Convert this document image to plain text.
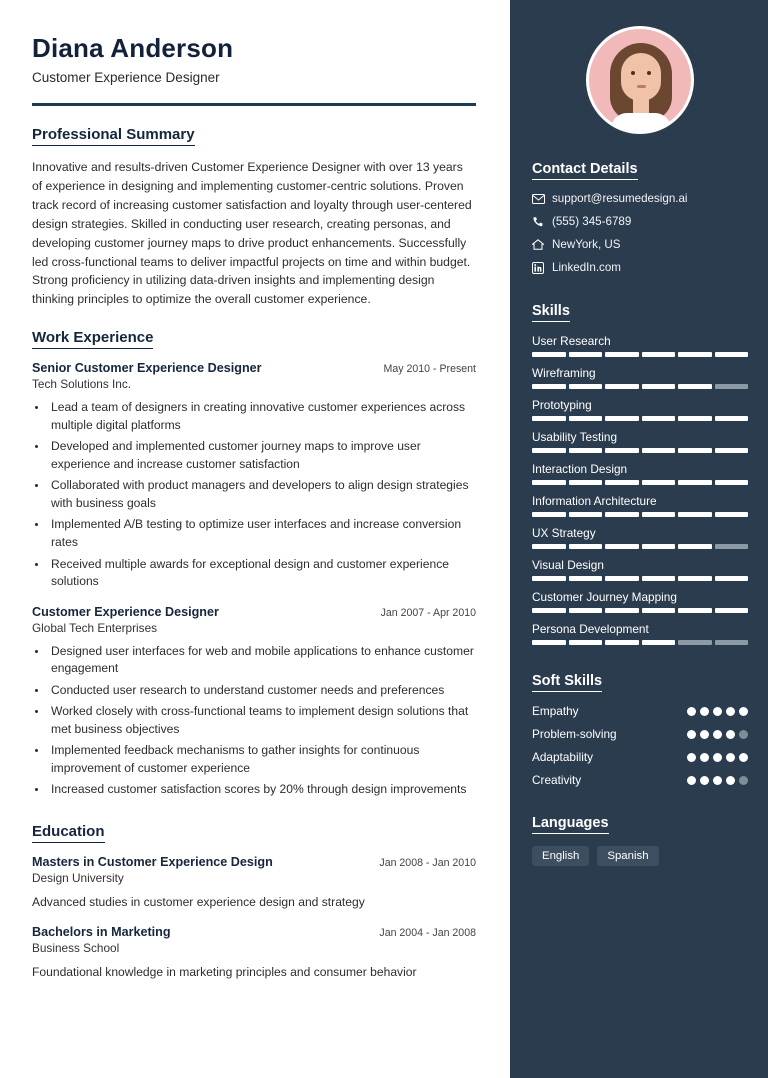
Diana Anderson
Customer Experience Designer
Professional Summary

Innovative and results-driven Customer Experience Designer with over 13 years of experience in designing and implementing customer-centric solutions. Proven track record of increasing customer satisfaction and loyalty through user-centered design strategies. Skilled in conducting user research, creating personas, and developing customer journey maps to drive product enhancements. Successfully led cross-functional teams to deliver impactful projects on time and within budget. Strong proficiency in utilizing data-driven insights and implementing design thinking principles to optimize the overall customer experience.

Work Experience
Senior Customer Experience Designer	May 2010 - Present
Tech Solutions Inc.
• Lead a team of designers in creating innovative customer experiences across multiple digital platforms
• Developed and implemented customer journey maps to improve user experience and increase customer satisfaction
• Collaborated with product managers and developers to align design strategies with business goals
• Implemented A/B testing to optimize user interfaces and increase conversion rates
• Received multiple awards for exceptional design and customer experience solutions
Customer Experience Designer	Jan 2007 - Apr 2010
Global Tech Enterprises
• Designed user interfaces for web and mobile applications to enhance customer engagement
• Conducted user research to understand customer needs and preferences
• Worked closely with cross-functional teams to implement design solutions that met business objectives
• Implemented feedback mechanisms to gather insights for continuous improvement of customer experience
• Increased customer satisfaction scores by 20% through design improvements
Education
Masters in Customer Experience Design	Jan 2008 - Jan 2010
Design University
Advanced studies in customer experience design and strategy
Bachelors in Marketing	Jan 2004 - Jan 2008
Business School
Foundational knowledge in marketing principles and consumer behavior
Contact Details
support@resumedesign.ai
(555) 345-6789
NewYork, US
LinkedIn.com
Skills
User Research
Wireframing
Prototyping
Usability Testing
Interaction Design
Information Architecture
UX Strategy
Visual Design
Customer Journey Mapping
Persona Development
Soft Skills
Empathy
Problem-solving
Adaptability
Creativity
Languages
English	Spanish
